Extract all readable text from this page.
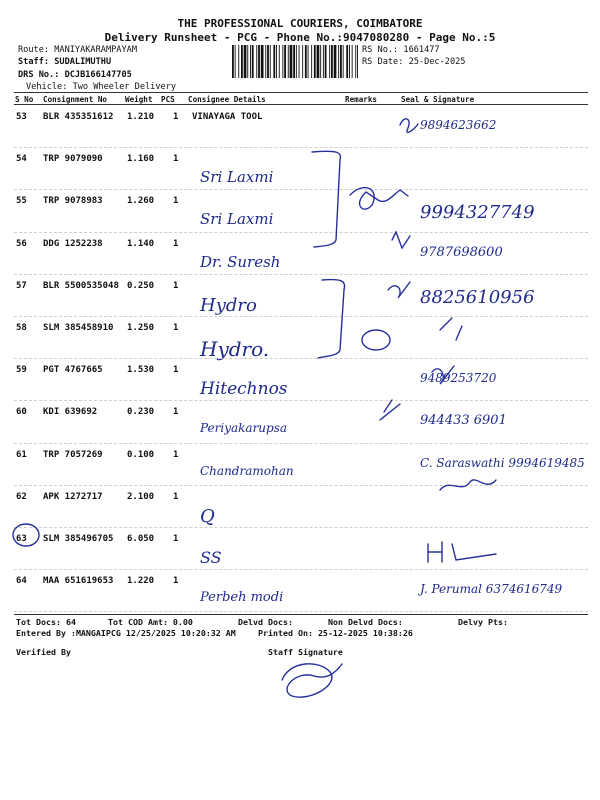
THE PROFESSIONAL COURIERS, COIMBATORE
Delivery Runsheet - PCG - Phone No.:9047080280 - Page No.:5
Route: MANIYAKARAMPAYAM
Staff: SUDALIMUTHU
DRS No.: DCJB166147705
Vehicle: Two Wheeler Delivery
RS No.: 1661477
RS Date: 25-Dec-2025
S No Consignment No Weight PCS Consignee Details	Remarks	Seal & Signature
53 BLR 435351612 1.210 1 VINAYAGA TOOL
9894623662
54 TRP 9079090	1.160 1
Sri Laxmi
55 TRP 9078983	1.260 1
Sri Laxmi	9994327749
56 DDG 1252238	1.140 1
Dr. Suresh
9787698600
57 BLR 5500535048 0.250 1
Hydro	8825610956
58 SLM 385458910 1.250 1
Hydro.
59 PGT 4767665	1.530 1
Hitechnos
9489253720
60 KDI 639692	0.230 1
Periyakarupsa	944433 6901
61 TRP 7057269	0.100 1
Chandramohan
C. Saraswathi 9994619485
62 APK 1272717	2.100 1
Q
63 SLM 385496705 6.050 1
SS
64 MAA 651619653 1.220 1
Perbeh modi
J. Perumal 6374616749
Tot Docs: 64	Tot COD Amt: 0.00	Delvd Docs:	Non Delvd Docs:	Delvy Pts:
Entered By :MANGAIPCG 12/25/2025 10:20:32 AM	Printed On: 25-12-2025 10:38:26
Verified By	Staff Signature
